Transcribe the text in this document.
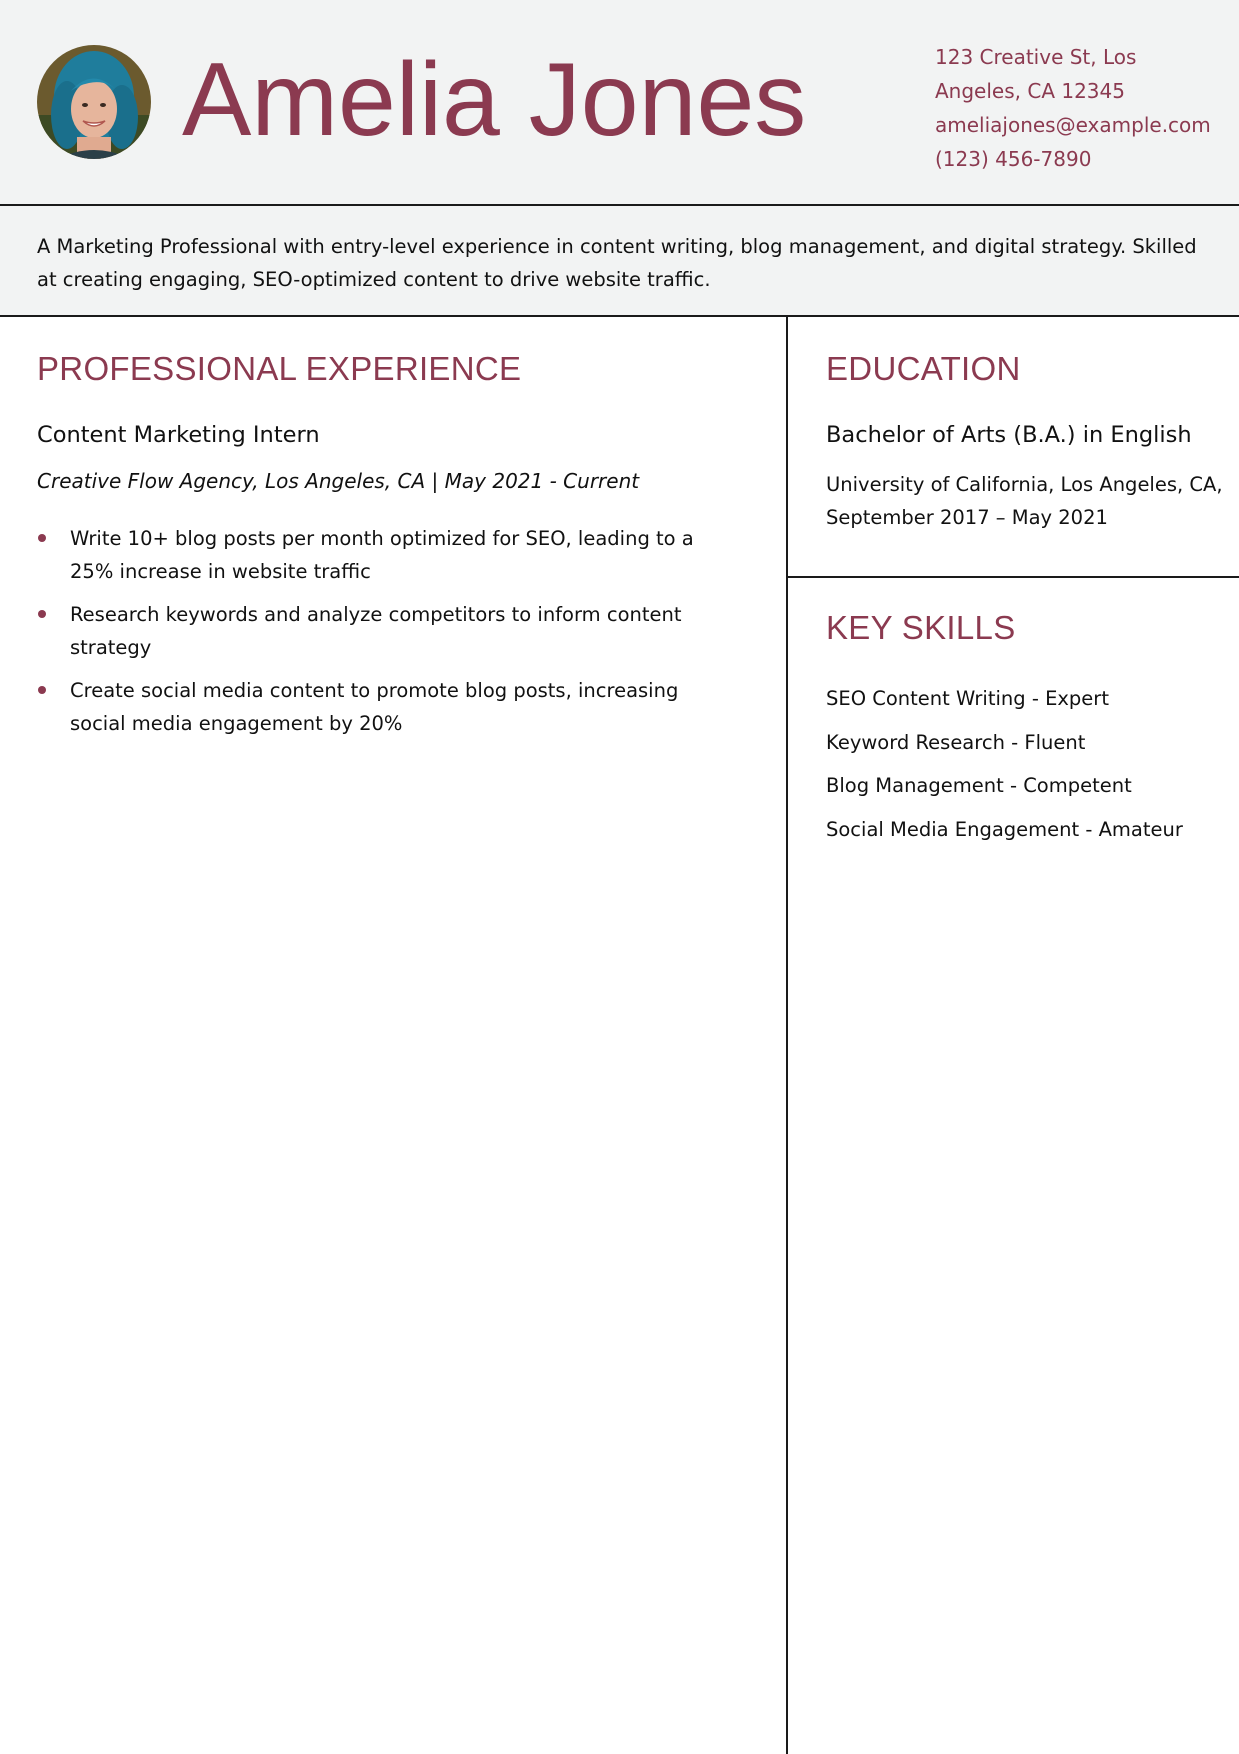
Amelia Jones	123 Creative St, Los
Angeles, CA 12345
ameliajones@example.com
(123) 456-7890
A Marketing Professional with entry-level experience in content writing, blog management, and digital strategy. Skilled at creating engaging, SEO-optimized content to drive website traffic.
PROFESSIONAL EXPERIENCE
Content Marketing Intern
Creative Flow Agency, Los Angeles, CA | May 2021 - Current
Write 10+ blog posts per month optimized for SEO, leading to a 25% increase in website traffic
Research keywords and analyze competitors to inform content strategy
Create social media content to promote blog posts, increasing social media engagement by 20%
EDUCATION
Bachelor of Arts (B.A.) in English
University of California, Los Angeles, CA,
September 2017 – May 2021
KEY SKILLS
SEO Content Writing - Expert
Keyword Research - Fluent
Blog Management - Competent
Social Media Engagement - Amateur
